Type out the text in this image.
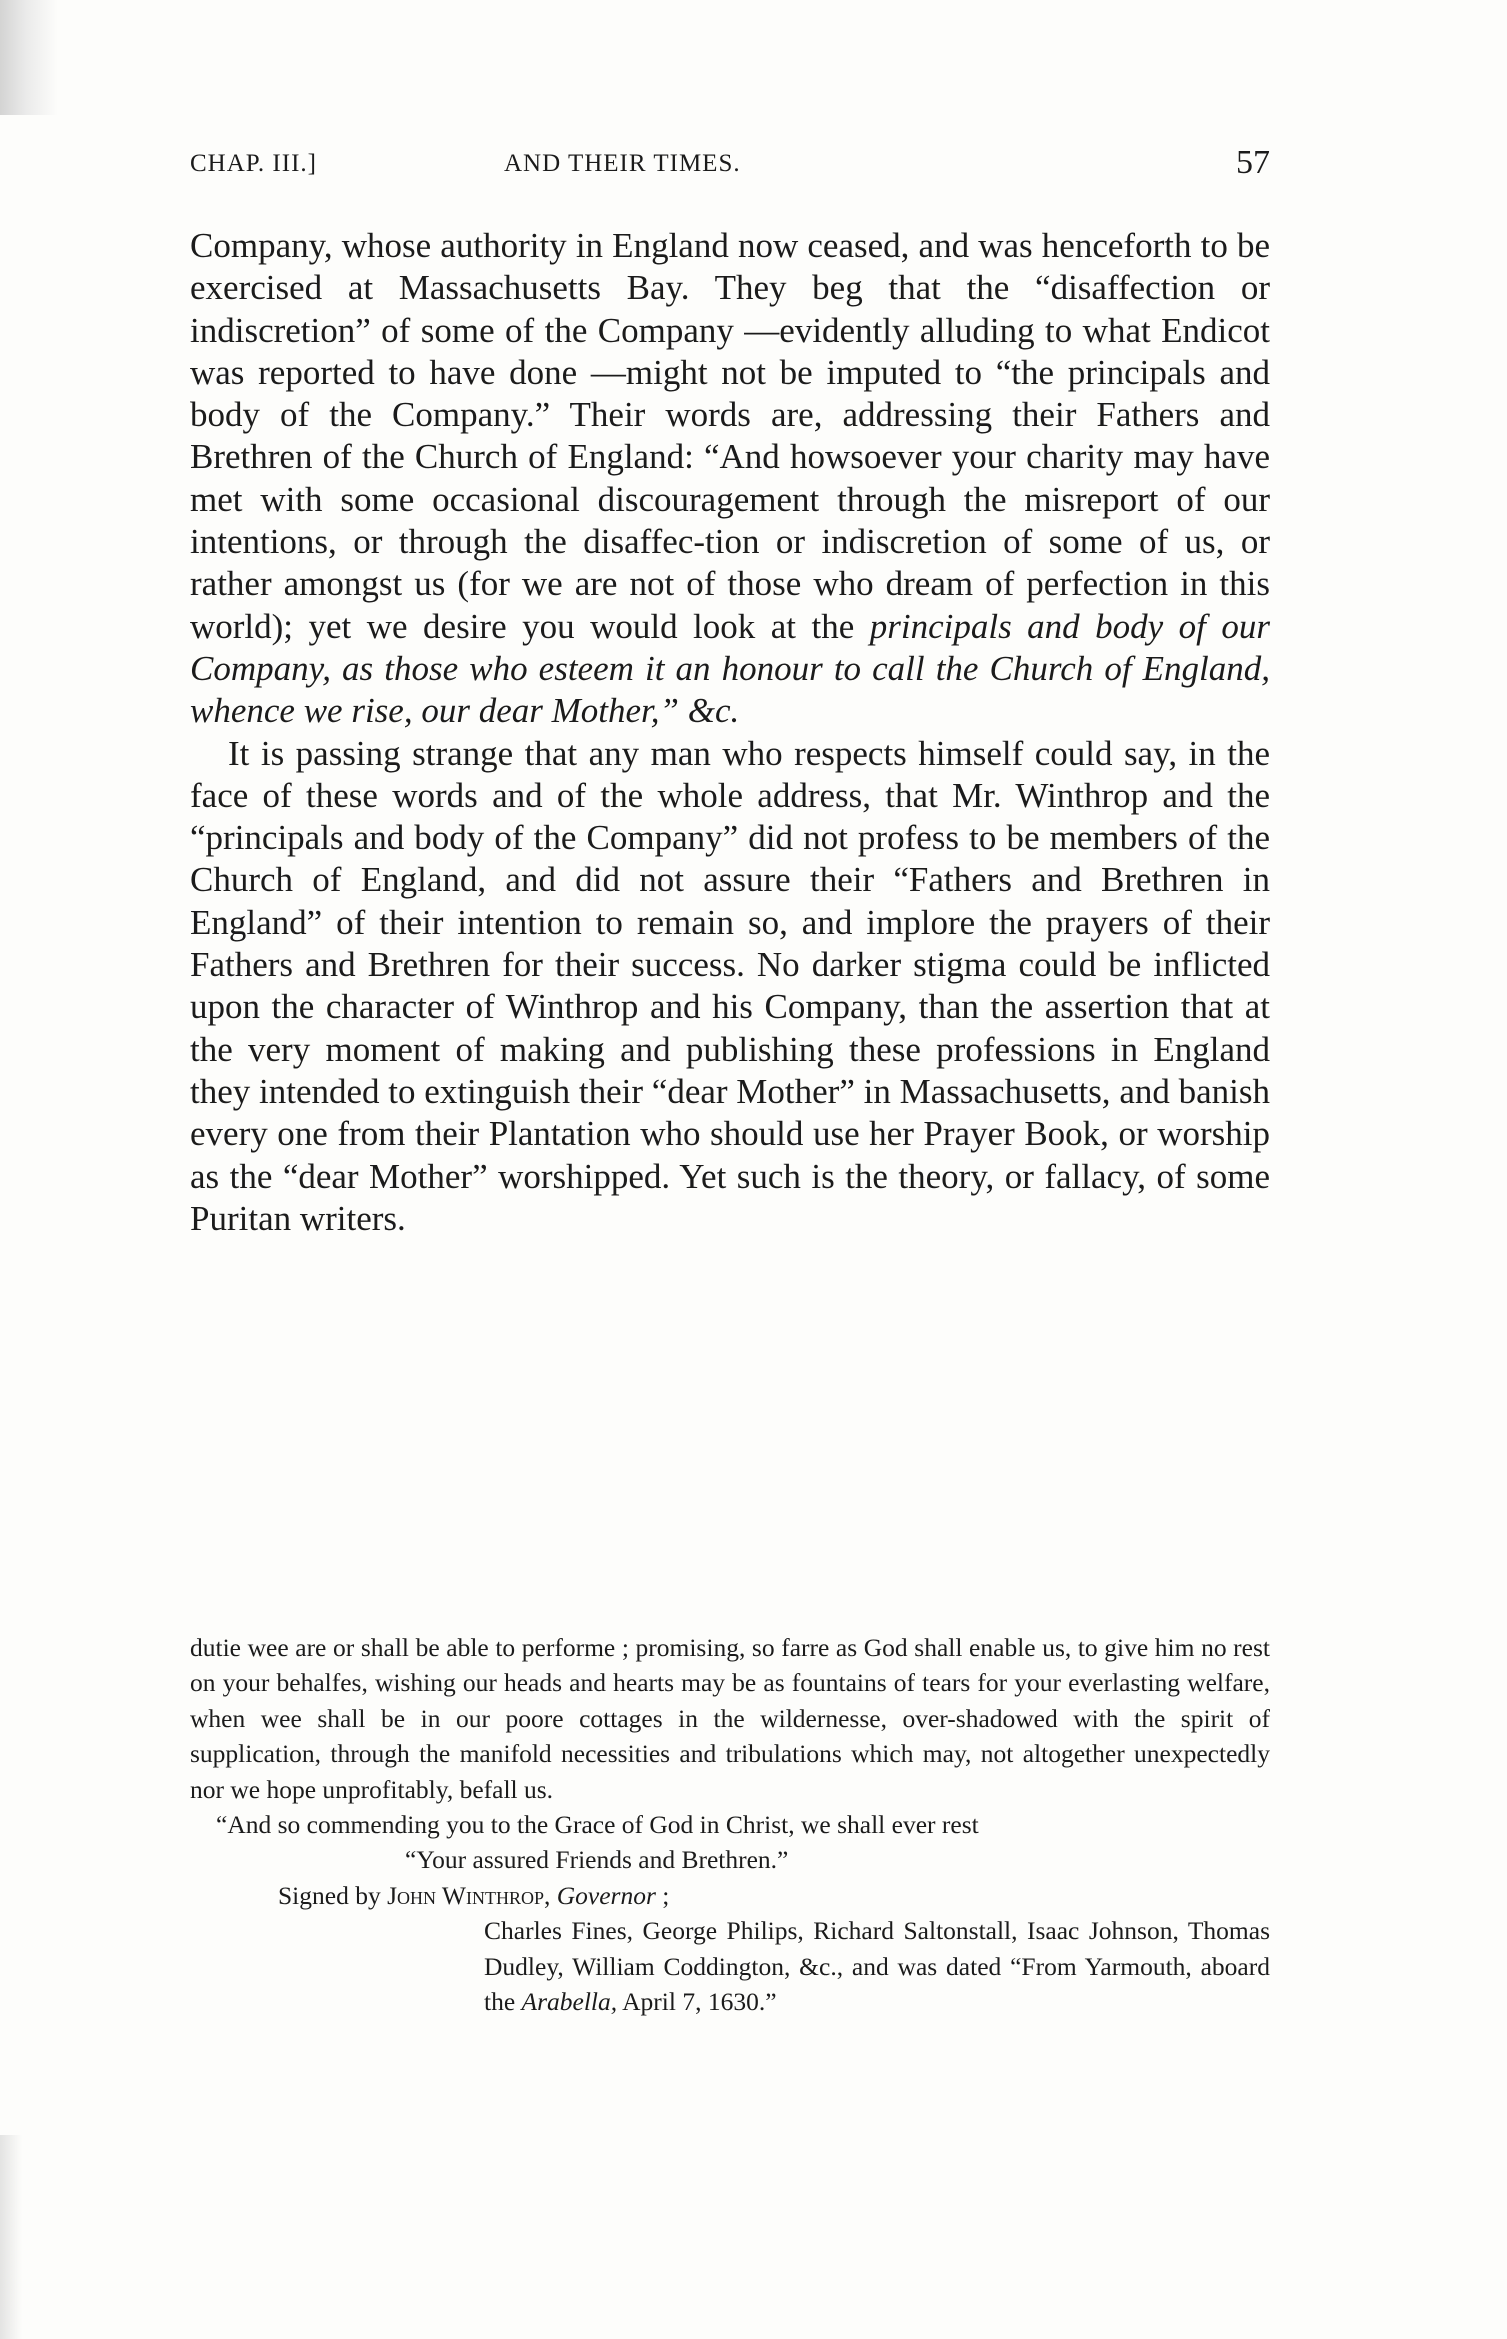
CHAP. III.]	AND THEIR TIMES.	57

Company, whose authority in England now ceased, and was henceforth to be exercised at Massachusetts Bay. They beg that the “disaffection or indiscretion” of some of the Company —evidently alluding to what Endicot was reported to have done —might not be imputed to “the principals and body of the Company.” Their words are, addressing their Fathers and Brethren of the Church of England: “And howsoever your charity may have met with some occasional discouragement through the misreport of our intentions, or through the disaffec-tion or indiscretion of some of us, or rather amongst us (for we are not of those who dream of perfection in this world); yet we desire you would look at the principals and body of our Company, as those who esteem it an honour to call the Church of England, whence we rise, our dear Mother,” &c.

It is passing strange that any man who respects himself could say, in the face of these words and of the whole address, that Mr. Winthrop and the “principals and body of the Company” did not profess to be members of the Church of England, and did not assure their “Fathers and Brethren in England” of their intention to remain so, and implore the prayers of their Fathers and Brethren for their success. No darker stigma could be inflicted upon the character of Winthrop and his Company, than the assertion that at the very moment of making and publishing these professions in England they intended to extinguish their “dear Mother” in Massachusetts, and banish every one from their Plantation who should use her Prayer Book, or worship as the “dear Mother” worshipped. Yet such is the theory, or fallacy, of some Puritan writers.

dutie wee are or shall be able to performe ; promising, so farre as God shall enable us, to give him no rest on your behalfes, wishing our heads and hearts may be as fountains of tears for your everlasting welfare, when wee shall be in our poore cottages in the wildernesse, over-shadowed with the spirit of supplication, through the manifold necessities and tribulations which may, not altogether unexpectedly nor we hope unprofitably, befall us.

“And so commending you to the Grace of God in Christ, we shall ever rest

“Your assured Friends and Brethren.”

Signed by John Winthrop, Governor ;

Charles Fines, George Philips, Richard Saltonstall, Isaac Johnson, Thomas Dudley, William Coddington, &c., and was dated “From Yarmouth, aboard the Arabella, April 7, 1630.”
